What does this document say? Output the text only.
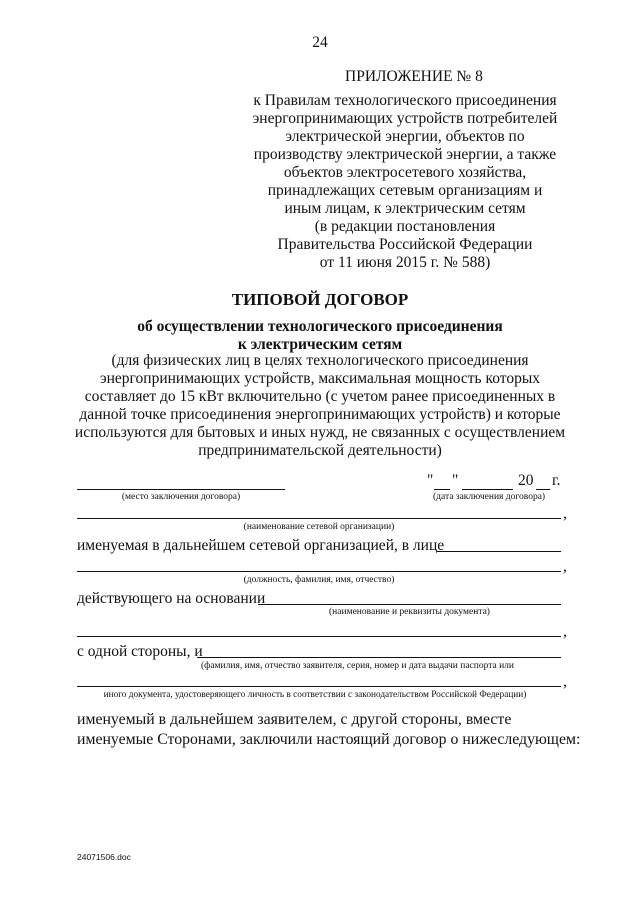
24
ПРИЛОЖЕНИЕ № 8
к Правилам технологического присоединения
энергопринимающих устройств потребителей
электрической энергии, объектов по
производству электрической энергии, а также
объектов электросетевого хозяйства,
принадлежащих сетевым организациям и
иным лицам, к электрическим сетям
(в редакции постановления
Правительства Российской Федерации
от 11 июня 2015 г. № 588)
ТИПОВОЙ ДОГОВОР
об осуществлении технологического присоединения
к электрическим сетям
(для физических лиц в целях технологического присоединения
энергопринимающих устройств, максимальная мощность которых
составляет до 15 кВт включительно (с учетом ранее присоединенных в
данной точке присоединения энергопринимающих устройств) и которые
используются для бытовых и иных нужд, не связанных с осуществлением
предпринимательской деятельности)
(место заключения договора)
" "	20 г.
(дата заключения договора)
,
(наименование сетевой организации)
именуемая в дальнейшем сетевой организацией, в лице
,
(должность, фамилия, имя, отчество)
действующего на основании
(наименование и реквизиты документа)
,
с одной стороны, и
(фамилия, имя, отчество заявителя, серия, номер и дата выдачи паспорта или
,
иного документа, удостоверяющего личность в соответствии с законодательством Российской Федерации)
именуемый в дальнейшем заявителем, с другой стороны, вместе
именуемые Сторонами, заключили настоящий договор о нижеследующем:
24071506.doc
